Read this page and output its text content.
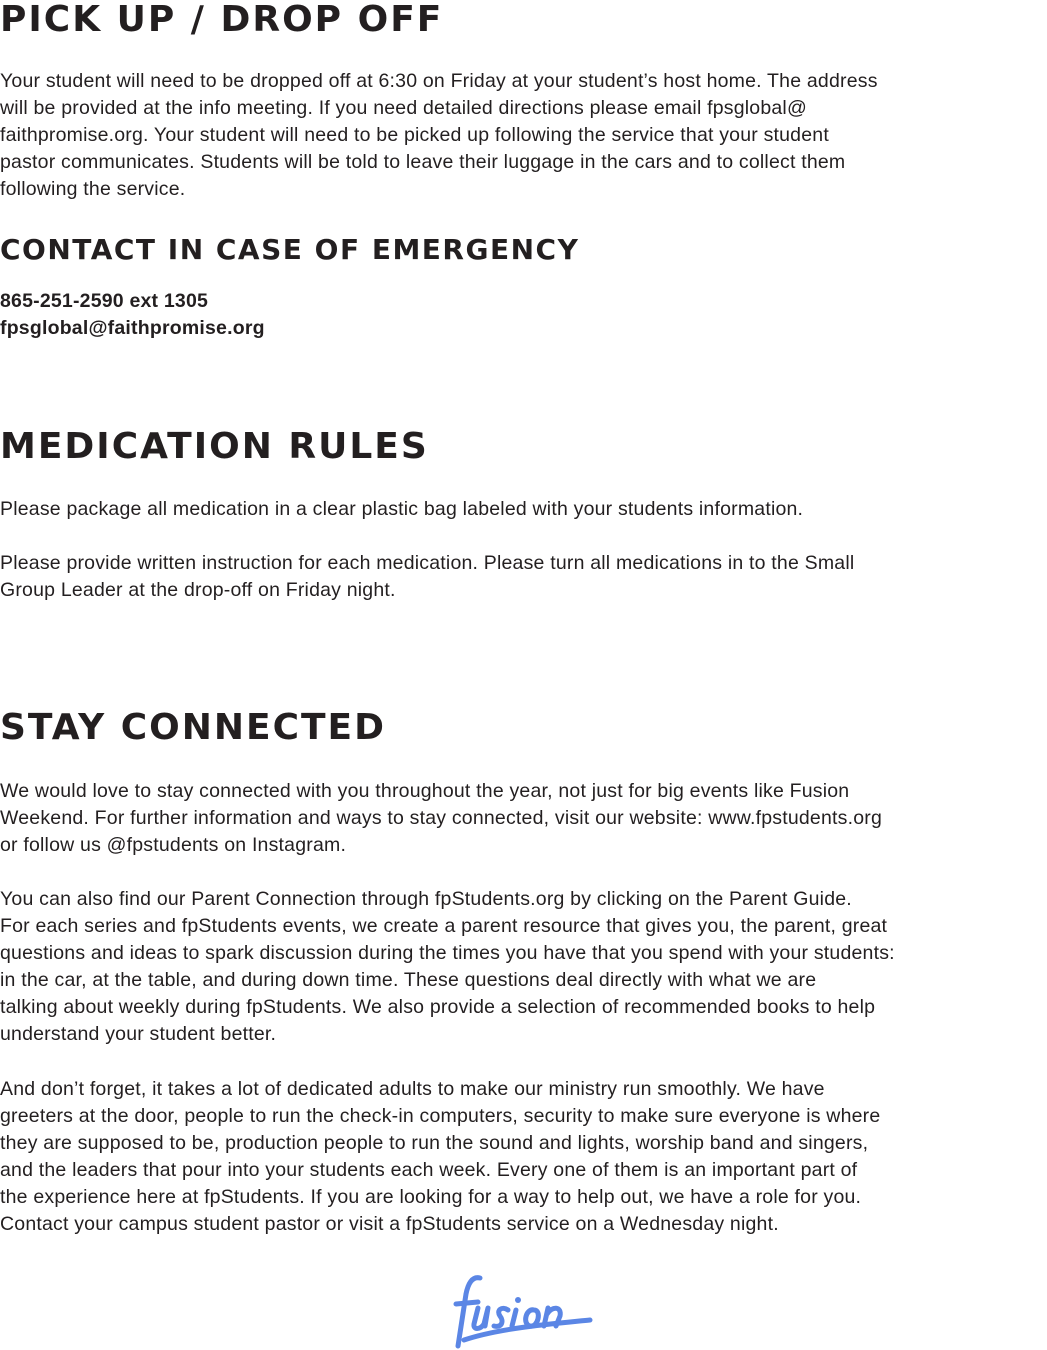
PICK UP / DROP OFF

Your student will need to be dropped off at 6:30 on Friday at your student’s host home. The address
will be provided at the info meeting. If you need detailed directions please email fpsglobal@
faithpromise.org. Your student will need to be picked up following the service that your student
pastor communicates. Students will be told to leave their luggage in the cars and to collect them
following the service.

CONTACT IN CASE OF EMERGENCY

865-251-2590 ext 1305
fpsglobal@faithpromise.org

MEDICATION RULES

Please package all medication in a clear plastic bag labeled with your students information.

Please provide written instruction for each medication. Please turn all medications in to the Small
Group Leader at the drop-off on Friday night.

STAY CONNECTED

We would love to stay connected with you throughout the year, not just for big events like Fusion
Weekend. For further information and ways to stay connected, visit our website: www.fpstudents.org
or follow us @fpstudents on Instagram.

You can also find our Parent Connection through fpStudents.org by clicking on the Parent Guide.
For each series and fpStudents events, we create a parent resource that gives you, the parent, great
questions and ideas to spark discussion during the times you have that you spend with your students:
in the car, at the table, and during down time. These questions deal directly with what we are
talking about weekly during fpStudents. We also provide a selection of recommended books to help
understand your student better.

And don’t forget, it takes a lot of dedicated adults to make our ministry run smoothly. We have
greeters at the door, people to run the check-in computers, security to make sure everyone is where
they are supposed to be, production people to run the sound and lights, worship band and singers,
and the leaders that pour into your students each week. Every one of them is an important part of
the experience here at fpStudents. If you are looking for a way to help out, we have a role for you.
Contact your campus student pastor or visit a fpStudents service on a Wednesday night.
